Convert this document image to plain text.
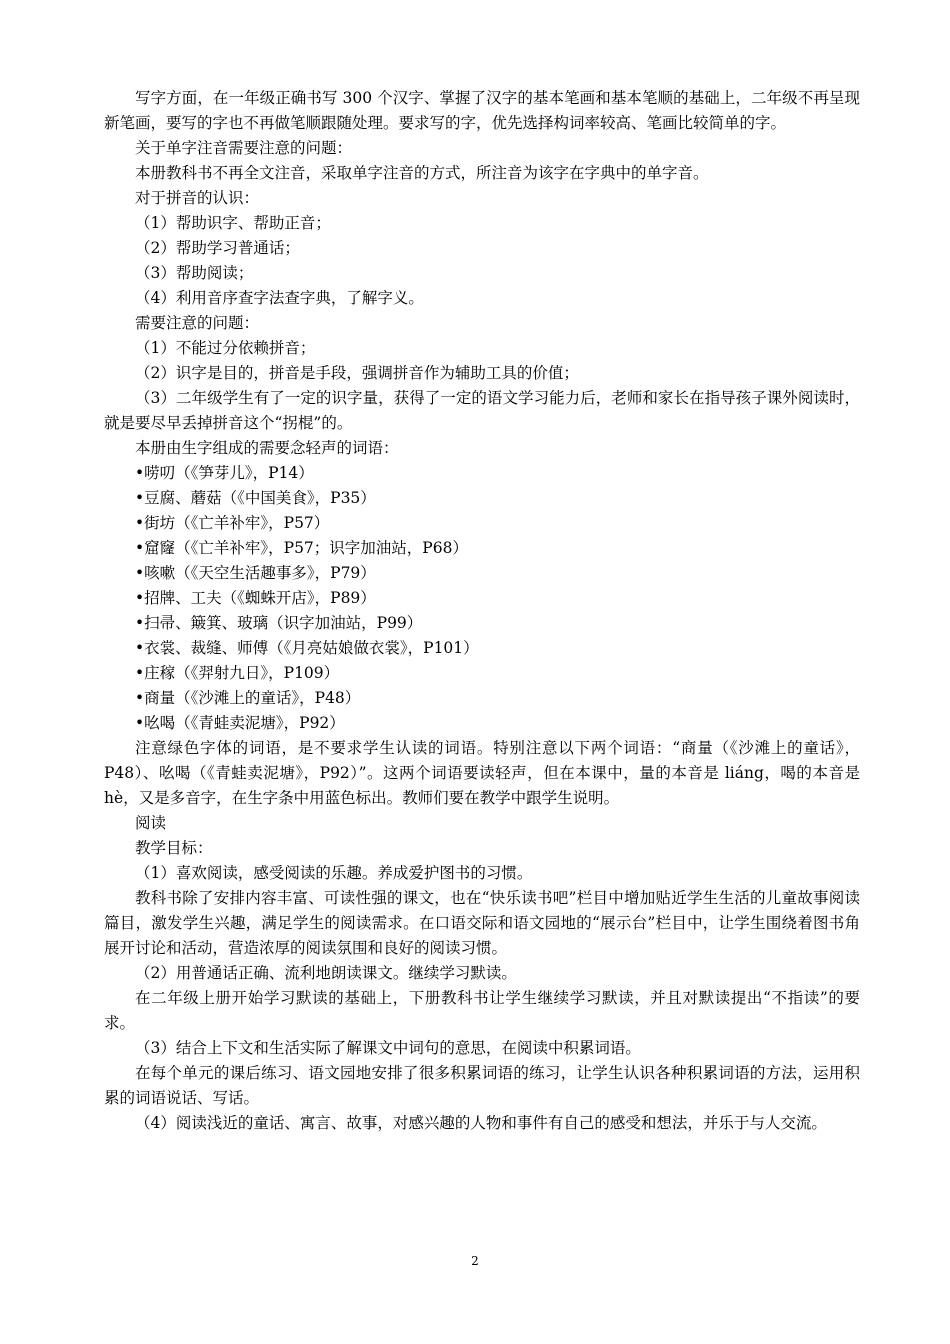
写字方面，在一年级正确书写 300 个汉字、掌握了汉字的基本笔画和基本笔顺的基础上，二年级不再呈现新笔画，要写的字也不再做笔顺跟随处理。要求写的字，优先选择构词率较高、笔画比较简单的字。

关于单字注音需要注意的问题：

本册教科书不再全文注音，采取单字注音的方式，所注音为该字在字典中的单字音。

对于拼音的认识：

（1）帮助识字、帮助正音；

（2）帮助学习普通话；

（3）帮助阅读；

（4）利用音序查字法查字典，了解字义。

需要注意的问题：

（1）不能过分依赖拼音；

（2）识字是目的，拼音是手段，强调拼音作为辅助工具的价值；

（3）二年级学生有了一定的识字量，获得了一定的语文学习能力后，老师和家长在指导孩子课外阅读时，就是要尽早丢掉拼音这个“拐棍”的。

本册由生字组成的需要念轻声的词语：

•唠叨（《笋芽儿》，P14）

•豆腐、蘑菇（《中国美食》，P35）

•街坊（《亡羊补牢》，P57）

•窟窿（《亡羊补牢》，P57；识字加油站，P68）

•咳嗽（《天空生活趣事多》，P79）

•招牌、工夫（《蜘蛛开店》，P89）

•扫帚、簸箕、玻璃（识字加油站，P99）

•衣裳、裁缝、师傅（《月亮姑娘做衣裳》，P101）

•庄稼（《羿射九日》，P109）

•商量（《沙滩上的童话》，P48）

•吆喝（《青蛙卖泥塘》，P92）

注意绿色字体的词语，是不要求学生认读的词语。特别注意以下两个词语：“商量（《沙滩上的童话》，P48）、吆喝（《青蛙卖泥塘》，P92）”。这两个词语要读轻声，但在本课中，量的本音是 liáng，喝的本音是 hè，又是多音字，在生字条中用蓝色标出。教师们要在教学中跟学生说明。

阅读

教学目标：

（1）喜欢阅读，感受阅读的乐趣。养成爱护图书的习惯。

教科书除了安排内容丰富、可读性强的课文，也在“快乐读书吧”栏目中增加贴近学生生活的儿童故事阅读篇目，激发学生兴趣，满足学生的阅读需求。在口语交际和语文园地的“展示台”栏目中，让学生围绕着图书角展开讨论和活动，营造浓厚的阅读氛围和良好的阅读习惯。

（2）用普通话正确、流利地朗读课文。继续学习默读。

在二年级上册开始学习默读的基础上，下册教科书让学生继续学习默读，并且对默读提出“不指读”的要求。

（3）结合上下文和生活实际了解课文中词句的意思，在阅读中积累词语。

在每个单元的课后练习、语文园地安排了很多积累词语的练习，让学生认识各种积累词语的方法，运用积累的词语说话、写话。

（4）阅读浅近的童话、寓言、故事，对感兴趣的人物和事件有自己的感受和想法，并乐于与人交流。

2
